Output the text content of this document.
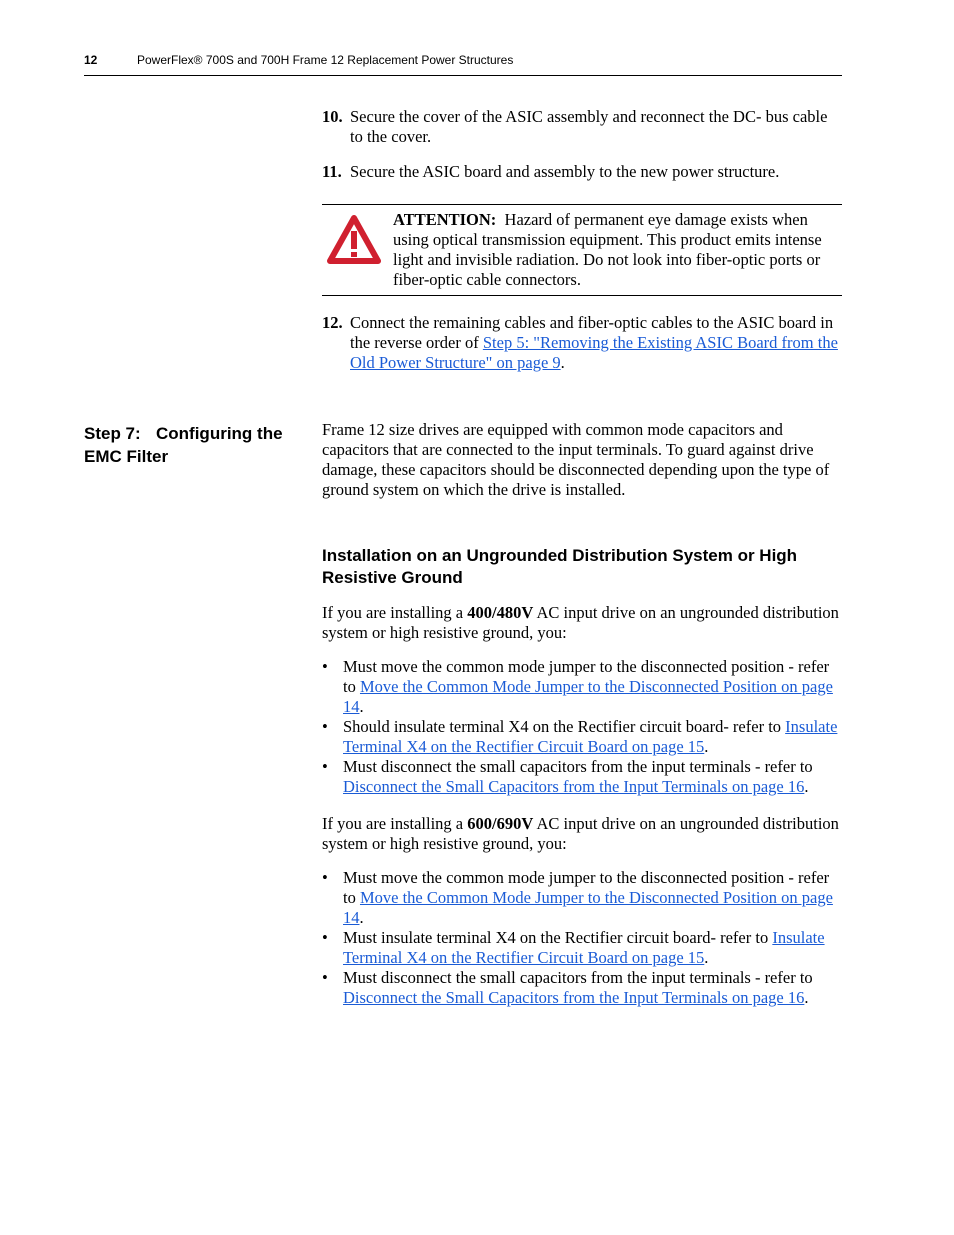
12	PowerFlex® 700S and 700H Frame 12 Replacement Power Structures
10. Secure the cover of the ASIC assembly and reconnect the DC- bus cable to the cover.
11. Secure the ASIC board and assembly to the new power structure.
ATTENTION: Hazard of permanent eye damage exists when using optical transmission equipment. This product emits intense light and invisible radiation. Do not look into fiber-optic ports or fiber-optic cable connectors.
12. Connect the remaining cables and fiber-optic cables to the ASIC board in the reverse order of Step 5: "Removing the Existing ASIC Board from the Old Power Structure" on page 9.
Step 7: Configuring the EMC Filter
Frame 12 size drives are equipped with common mode capacitors and capacitors that are connected to the input terminals. To guard against drive damage, these capacitors should be disconnected depending upon the type of ground system on which the drive is installed.
Installation on an Ungrounded Distribution System or High Resistive Ground
If you are installing a 400/480V AC input drive on an ungrounded distribution system or high resistive ground, you:
• Must move the common mode jumper to the disconnected position - refer to Move the Common Mode Jumper to the Disconnected Position on page 14.
• Should insulate terminal X4 on the Rectifier circuit board- refer to Insulate Terminal X4 on the Rectifier Circuit Board on page 15.
• Must disconnect the small capacitors from the input terminals - refer to Disconnect the Small Capacitors from the Input Terminals on page 16.
If you are installing a 600/690V AC input drive on an ungrounded distribution system or high resistive ground, you:
• Must move the common mode jumper to the disconnected position - refer to Move the Common Mode Jumper to the Disconnected Position on page 14.
• Must insulate terminal X4 on the Rectifier circuit board- refer to Insulate Terminal X4 on the Rectifier Circuit Board on page 15.
• Must disconnect the small capacitors from the input terminals - refer to Disconnect the Small Capacitors from the Input Terminals on page 16.
